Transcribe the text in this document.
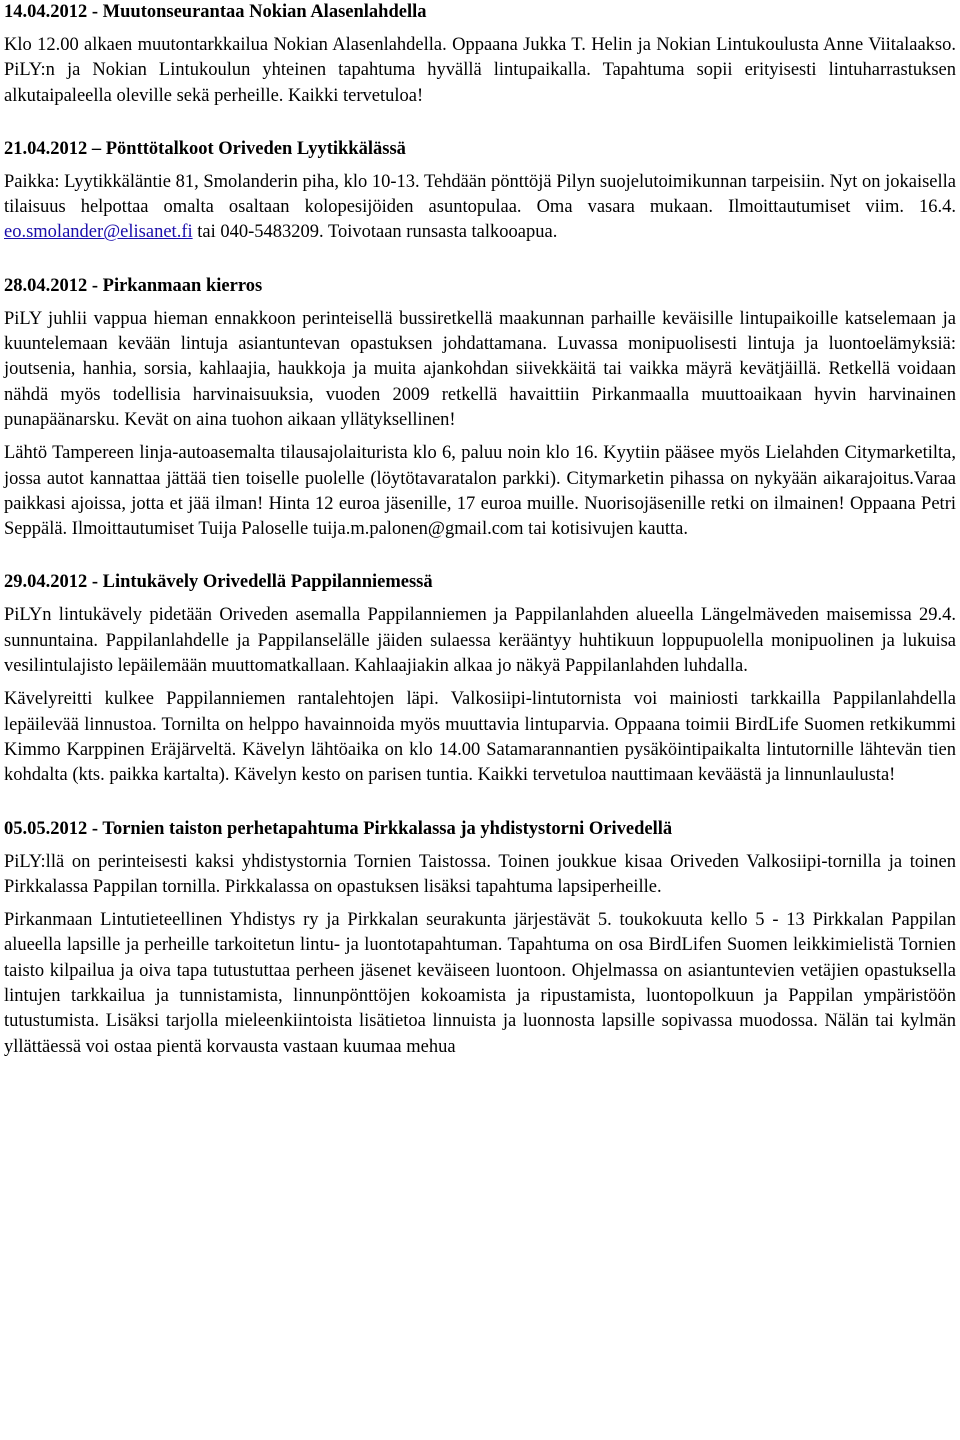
14.04.2012 - Muutonseurantaa Nokian Alasenlahdella

Klo 12.00 alkaen muutontarkkailua Nokian Alasenlahdella. Oppaana Jukka T. Helin ja Nokian Lintukoulusta Anne Viitalaakso. PiLY:n ja Nokian Lintukoulun yhteinen tapahtuma hyvällä lintupaikalla. Tapahtuma sopii erityisesti lintuharrastuksen alkutaipaleella oleville sekä perheille. Kaikki tervetuloa!

21.04.2012 – Pönttötalkoot Oriveden Lyytikkälässä

Paikka: Lyytikkäläntie 81, Smolanderin piha, klo 10-13. Tehdään pönttöjä Pilyn suojelutoimikunnan tarpeisiin. Nyt on jokaisella tilaisuus helpottaa omalta osaltaan kolopesijöiden asuntopulaa. Oma vasara mukaan. Ilmoittautumiset viim. 16.4. eo.smolander@elisanet.fi tai 040-5483209. Toivotaan runsasta talkooapua.

28.04.2012 - Pirkanmaan kierros

PiLY juhlii vappua hieman ennakkoon perinteisellä bussiretkellä maakunnan parhaille keväisille lintupaikoille katselemaan ja kuuntelemaan kevään lintuja asiantuntevan opastuksen johdattamana. Luvassa monipuolisesti lintuja ja luontoelämyksiä: joutsenia, hanhia, sorsia, kahlaajia, haukkoja ja muita ajankohdan siivekkäitä tai vaikka mäyrä kevätjäillä. Retkellä voidaan nähdä myös todellisia harvinaisuuksia, vuoden 2009 retkellä havaittiin Pirkanmaalla muuttoaikaan hyvin harvinainen punapäänarsku. Kevät on aina tuohon aikaan yllätyksellinen!

Lähtö Tampereen linja-autoasemalta tilausajolaiturista klo 6, paluu noin klo 16. Kyytiin pääsee myös Lielahden Citymarketilta, jossa autot kannattaa jättää tien toiselle puolelle (löytötavaratalon parkki). Citymarketin pihassa on nykyään aikarajoitus.Varaa paikkasi ajoissa, jotta et jää ilman! Hinta 12 euroa jäsenille, 17 euroa muille. Nuorisojäsenille retki on ilmainen! Oppaana Petri Seppälä. Ilmoittautumiset Tuija Paloselle tuija.m.palonen@gmail.com tai kotisivujen kautta.

29.04.2012 - Lintukävely Orivedellä Pappilanniemessä

PiLYn lintukävely pidetään Oriveden asemalla Pappilanniemen ja Pappilanlahden alueella Längelmäveden maisemissa 29.4. sunnuntaina. Pappilanlahdelle ja Pappilanselälle jäiden sulaessa kerääntyy huhtikuun loppupuolella monipuolinen ja lukuisa vesilintulajisto lepäilemään muuttomatkallaan. Kahlaajiakin alkaa jo näkyä Pappilanlahden luhdalla.

Kävelyreitti kulkee Pappilanniemen rantalehtojen läpi. Valkosiipi-lintutornista voi mainiosti tarkkailla Pappilanlahdella lepäilevää linnustoa. Tornilta on helppo havainnoida myös muuttavia lintuparvia. Oppaana toimii BirdLife Suomen retkikummi Kimmo Karppinen Eräjärveltä. Kävelyn lähtöaika on klo 14.00 Satamarannantien pysäköintipaikalta lintutornille lähtevän tien kohdalta (kts. paikka kartalta). Kävelyn kesto on parisen tuntia. Kaikki tervetuloa nauttimaan keväästä ja linnunlaulusta!

05.05.2012 - Tornien taiston perhetapahtuma Pirkkalassa ja yhdistystorni Orivedellä

PiLY:llä on perinteisesti kaksi yhdistystornia Tornien Taistossa. Toinen joukkue kisaa Oriveden Valkosiipi-tornilla ja toinen Pirkkalassa Pappilan tornilla. Pirkkalassa on opastuksen lisäksi tapahtuma lapsiperheille.

Pirkanmaan Lintutieteellinen Yhdistys ry ja Pirkkalan seurakunta järjestävät 5. toukokuuta kello 5 - 13 Pirkkalan Pappilan alueella lapsille ja perheille tarkoitetun lintu- ja luontotapahtuman. Tapahtuma on osa BirdLifen Suomen leikkimielistä Tornien taisto kilpailua ja oiva tapa tutustuttaa perheen jäsenet keväiseen luontoon. Ohjelmassa on asiantuntevien vetäjien opastuksella lintujen tarkkailua ja tunnistamista, linnunpönttöjen kokoamista ja ripustamista, luontopolkuun ja Pappilan ympäristöön tutustumista. Lisäksi tarjolla mieleenkiintoista lisätietoa linnuista ja luonnosta lapsille sopivassa muodossa. Nälän tai kylmän yllättäessä voi ostaa pientä korvausta vastaan kuumaa mehua
